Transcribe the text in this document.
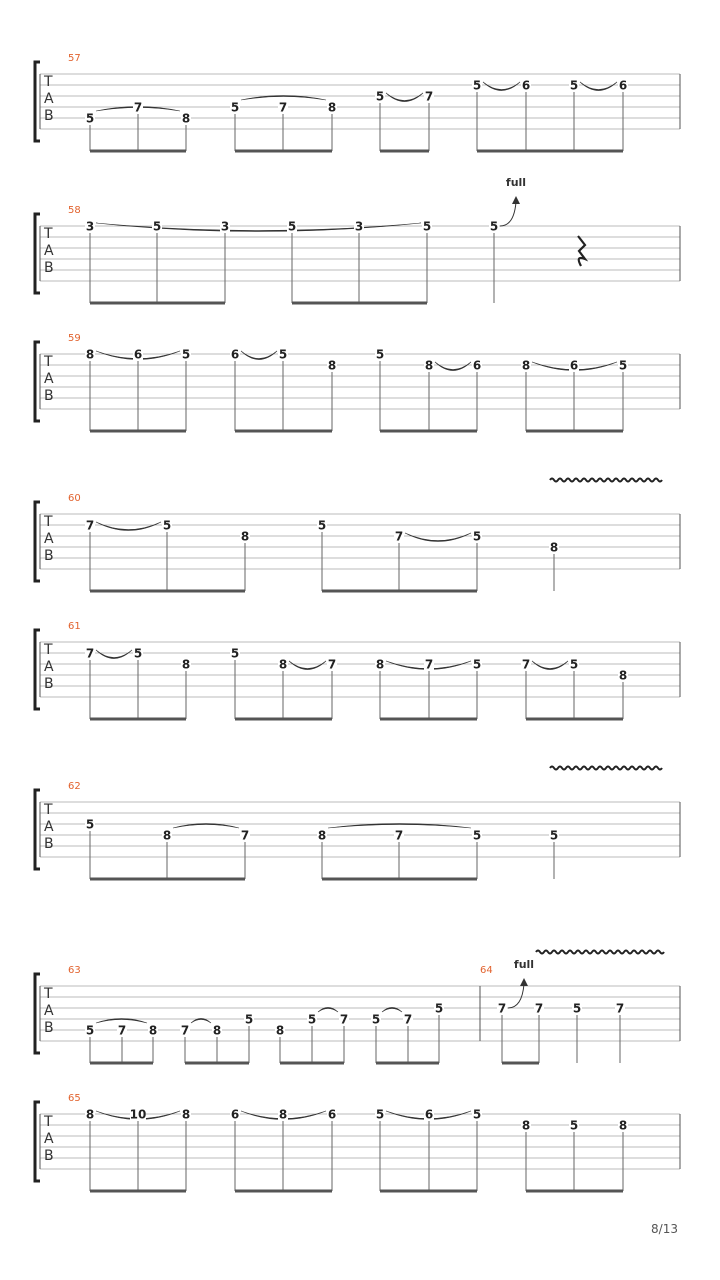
T
A
B
57
5
7
8
5	7	8
5	7
5	6	5	6
T
A
B
58
full
3	5	3	5	3	5	5
T
A
B
59
8	6	5	6	5
8
5
8	6	8	6	5
T
A
B
60
7	5
8
5
7	5
8
T
A
B
61
7	5
8
5
8	7	8	7	5	7	5
8
T
A
B
62
5
8	7	8	7	5	5
T
A
B
63	64 full
5 7 8 7 8
5
8
5 7 5 7
5	7 7 5	7
T
A
B
65
8	10	8	6	8	6	5	6	5
8	5	8
8/13
